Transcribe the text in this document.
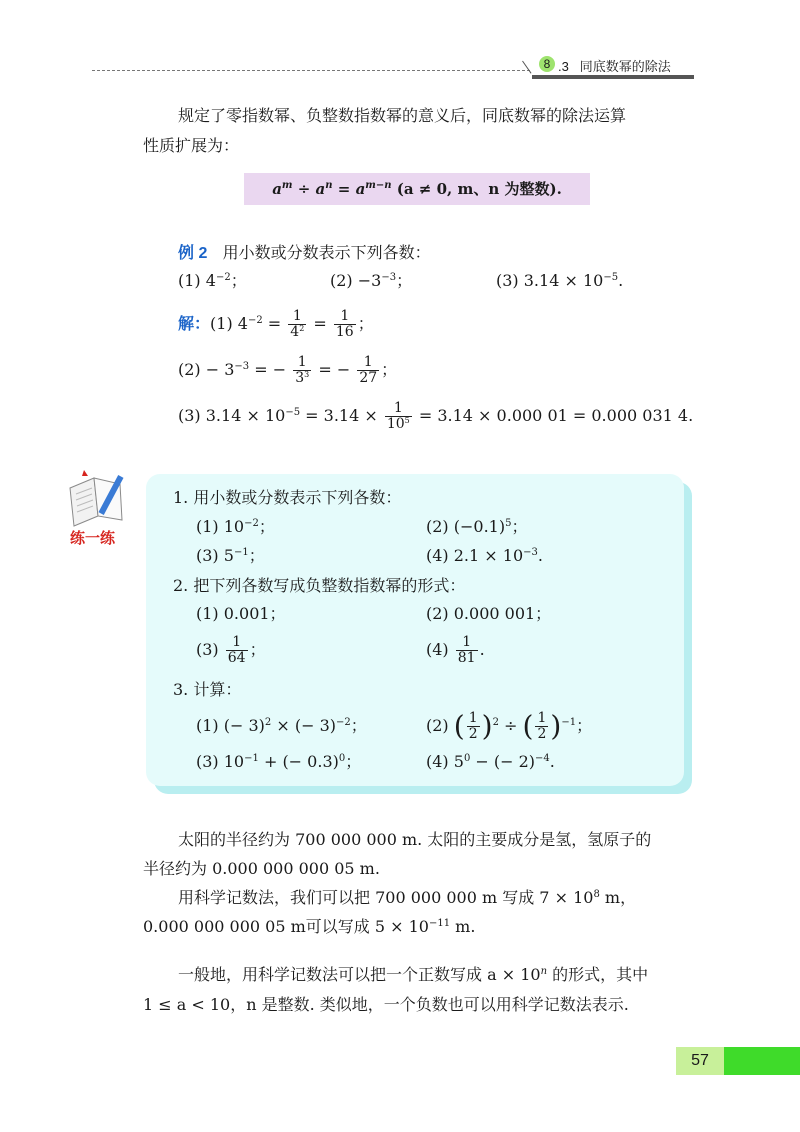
8 .3 同底数幂的除法
规定了零指数幂、负整数指数幂的意义后，同底数幂的除法运算
性质扩展为：
$a^m \div a^n = a^{m-n}$ (a ≠ 0, m、n 为整数).
例 2 用小数或分数表示下列各数：
(1) $4^{-2}$；	$(2) -3^{-3}$；	(3) $3.14 \times 10^{-5}$.
解：(1) $4^{-2} = \frac{1}{4^2} = \frac{1}{16}$ ；
$(2) - 3^{-3}$ = − $\frac{1}{3^3}$ = − $\frac{1}{27}$ ；
(3) $3.14 \times 10^{-5} = 3.14 \times \frac{1}{10^5} = 3.14 \times 0.000$ 01 = 0.000 031 4.
练一练
1. 用小数或分数表示下列各数：
(1) $10^{-2}$；	(2) $(-0.1)^5$；
(3) $5^{-1}$；	(4) $2.1 \times 10^{-3}$.
2. 把下列各数写成负整数指数幂的形式：
(1) 0.001；	(2) 0.000 001；
$(3) \frac{1}{64}$ ；	$(4) \frac{1}{81}$ .
3. 计算：
(1) (− 3)$^2$ × (− 3)$^{-2}$；	(2) ( $\frac{1}{2} )^2$ ÷ ( $\frac{1}{2} )^{-1}$；
(3) $10^{-1}$ + (− 0.3)$^0$；	(4) $5^0$ − (− 2)$^{-4}$.
太阳的半径约为 700 000 000 m. 太阳的主要成分是氢，氢原子的
半径约为 0.000 000 000 05 m.
用科学记数法，我们可以把 700 000 000 m 写成 $7 \times 10^8$ m，
0.000 000 000 05 m可以写成 $5 \times 10^{-11}$ m.
一般地，用科学记数法可以把一个正数写成 $a \times 10^n$ 的形式，其中
1 ≤ a < 10，n 是整数. 类似地，一个负数也可以用科学记数法表示.
57
